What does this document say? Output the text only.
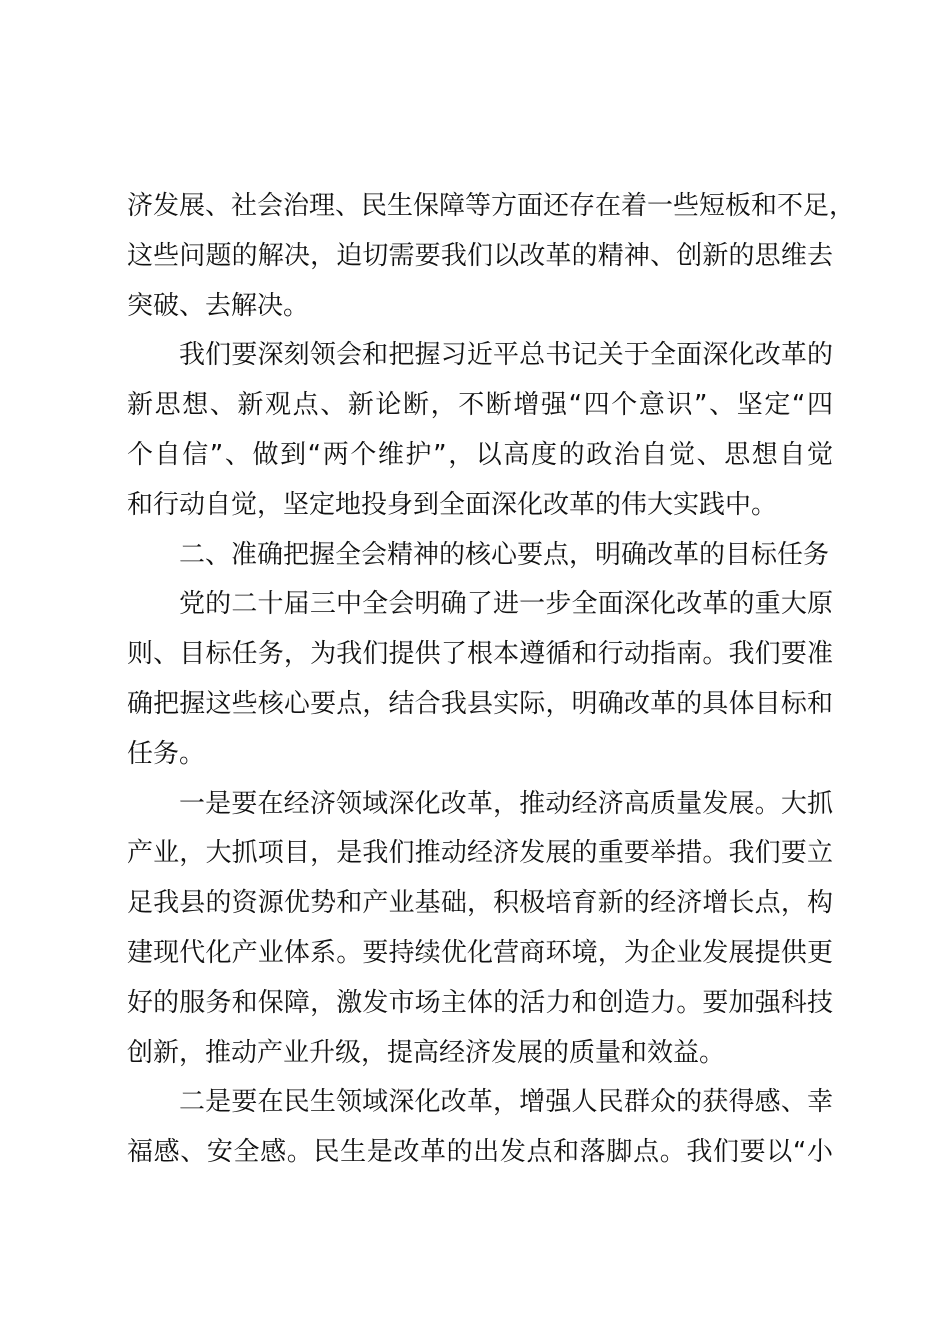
济发展、社会治理、民生保障等方面还存在着一些短板和不足，
这些问题的解决，迫切需要我们以改革的精神、创新的思维去
突破、去解决。
我们要深刻领会和把握习近平总书记关于全面深化改革的
新思想、新观点、新论断，不断增强“四个意识”、坚定“四
个自信”、做到“两个维护”，以高度的政治自觉、思想自觉
和行动自觉，坚定地投身到全面深化改革的伟大实践中。
二、准确把握全会精神的核心要点，明确改革的目标任务
党的二十届三中全会明确了进一步全面深化改革的重大原
则、目标任务，为我们提供了根本遵循和行动指南。我们要准
确把握这些核心要点，结合我县实际，明确改革的具体目标和
任务。
一是要在经济领域深化改革，推动经济高质量发展。大抓
产业，大抓项目，是我们推动经济发展的重要举措。我们要立
足我县的资源优势和产业基础，积极培育新的经济增长点，构
建现代化产业体系。要持续优化营商环境，为企业发展提供更
好的服务和保障，激发市场主体的活力和创造力。要加强科技
创新，推动产业升级，提高经济发展的质量和效益。
二是要在民生领域深化改革，增强人民群众的获得感、幸
福感、安全感。民生是改革的出发点和落脚点。我们要以“小
